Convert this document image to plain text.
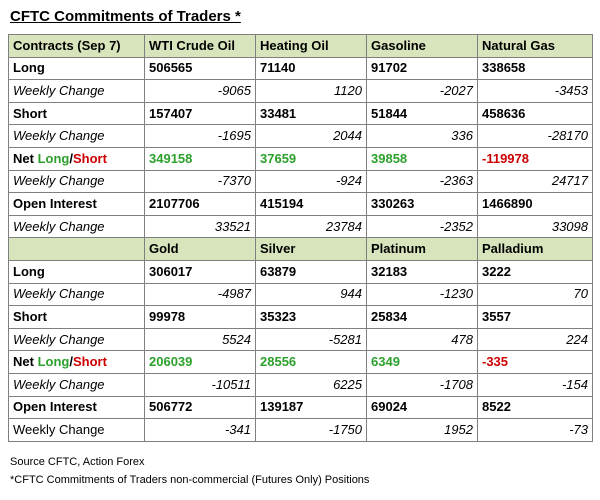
CFTC Commitments of Traders *
Contracts (Sep 7)	WTI Crude Oil	Heating Oil	Gasoline	Natural Gas
Long	506565	71140	91702	338658
Weekly Change	-9065	1120	-2027	-3453
Short	157407	33481	51844	458636
Weekly Change	-1695	2044	336	-28170
Net Long/Short	349158	37659	39858	-119978
Weekly Change	-7370	-924	-2363	24717
Open Interest	2107706	415194	330263	1466890
Weekly Change	33521	23784	-2352	33098
	Gold	Silver	Platinum	Palladium
Long	306017	63879	32183	3222
Weekly Change	-4987	944	-1230	70
Short	99978	35323	25834	3557
Weekly Change	5524	-5281	478	224
Net Long/Short	206039	28556	6349	-335
Weekly Change	-10511	6225	-1708	-154
Open Interest	506772	139187	69024	8522
Weekly Change	-341	-1750	1952	-73
Source CFTC, Action Forex
*CFTC Commitments of Traders non-commercial (Futures Only) Positions
